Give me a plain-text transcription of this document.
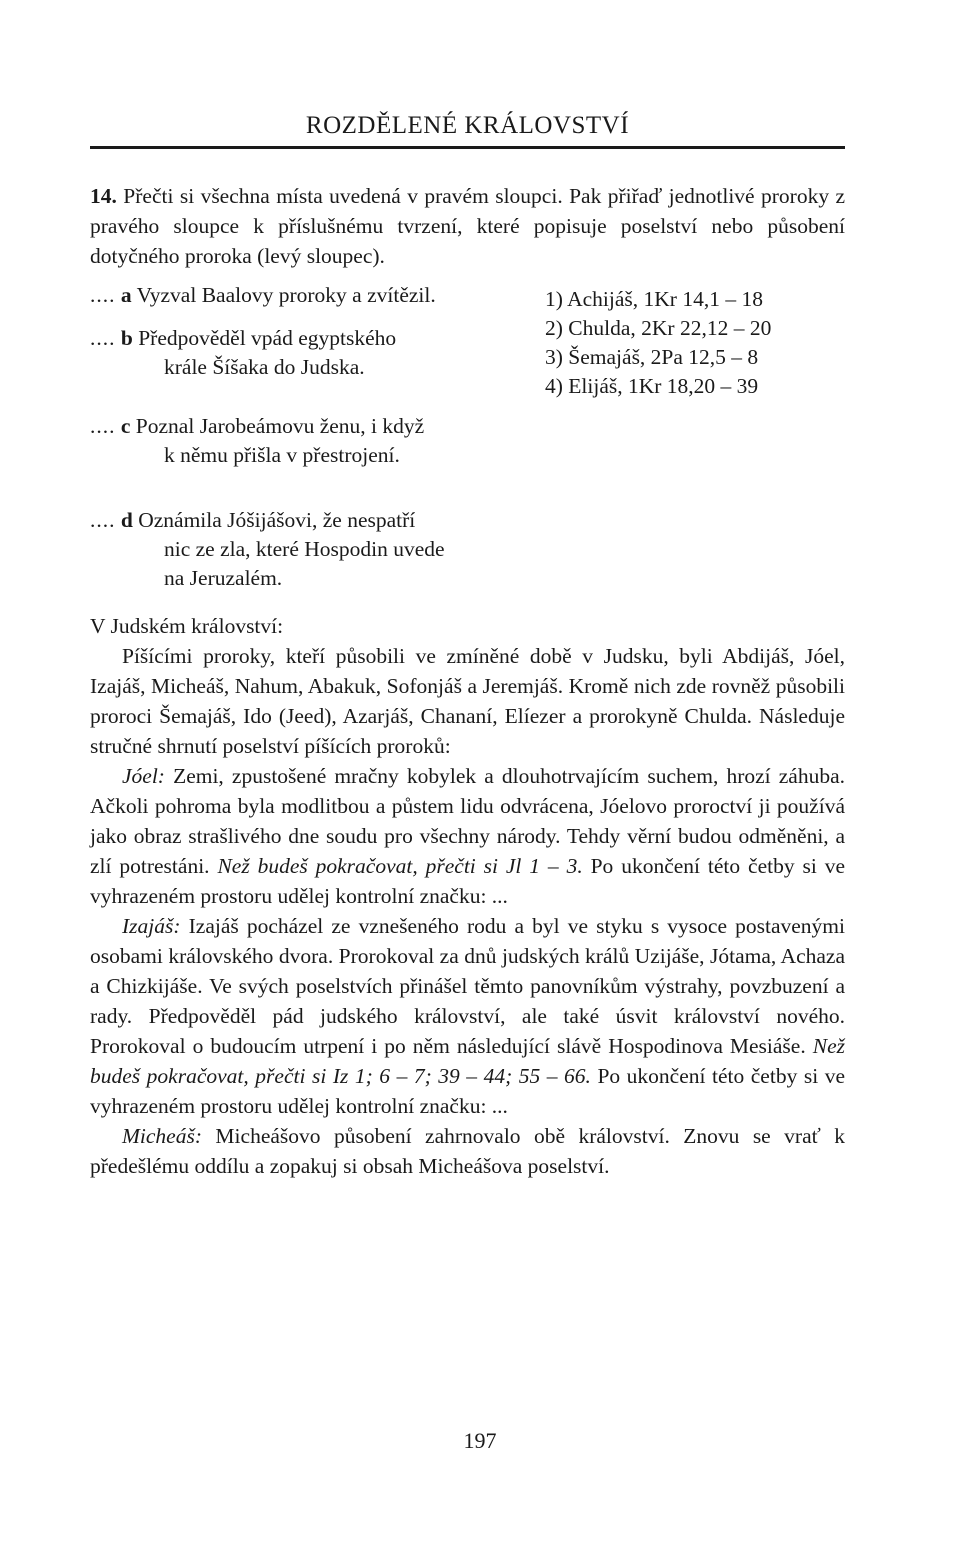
ROZDĚLENÉ KRÁLOVSTVÍ

14. Přečti si všechna místa uvedená v pravém sloupci. Pak přiřaď jednotlivé proroky z pravého sloupce k příslušnému tvrzení, které popisuje poselství nebo působení dotyčného proroka (levý sloupec).

.... a Vyzval Baalovy proroky a zvítězil.

.... b Předpověděl vpád egyptského
krále Šíšaka do Judska.

.... c Poznal Jarobeámovu ženu, i když
k němu přišla v přestrojení.

.... d Oznámila Jóšijášovi, že nespatří
nic ze zla, které Hospodin uvede
na Jeruzalém.

1) Achijáš, 1Kr 14,1 – 18

2) Chulda, 2Kr 22,12 – 20

3) Šemajáš, 2Pa 12,5 – 8

4) Elijáš, 1Kr 18,20 – 39

V Judském království:

Píšícími proroky, kteří působili ve zmíněné době v Judsku, byli Abdijáš, Jóel, Izajáš, Micheáš, Nahum, Abakuk, Sofonjáš a Jeremjáš. Kromě nich zde rovněž působili proroci Šemajáš, Ido (Jeed), Azarjáš, Chananí, Elíezer a prorokyně Chulda. Následuje stručné shrnutí poselství píšících proroků:

Jóel: Zemi, zpustošené mračny kobylek a dlouhotrvajícím suchem, hrozí záhuba. Ačkoli pohroma byla modlitbou a půstem lidu odvrácena, Jóelovo proroctví ji používá jako obraz strašlivého dne soudu pro všechny národy. Tehdy věrní budou odměněni, a zlí potrestáni. Než budeš pokračovat, přečti si Jl 1 – 3. Po ukončení této četby si ve vyhrazeném prostoru udělej kontrolní značku: ...

Izajáš: Izajáš pocházel ze vznešeného rodu a byl ve styku s vysoce postavenými osobami královského dvora. Prorokoval za dnů judských králů Uzijáše, Jótama, Achaza a Chizkijáše. Ve svých poselstvích přinášel těmto panovníkům výstrahy, povzbuzení a rady. Předpověděl pád judského království, ale také úsvit království nového. Prorokoval o budoucím utrpení i po něm následující slávě Hospodinova Mesiáše. Než budeš pokračovat, přečti si Iz 1; 6 – 7; 39 – 44; 55 – 66. Po ukončení této četby si ve vyhrazeném prostoru udělej kontrolní značku: ...

Micheáš: Micheášovo působení zahrnovalo obě království. Znovu se vrať k předešlému oddílu a zopakuj si obsah Micheášova poselství.

197
